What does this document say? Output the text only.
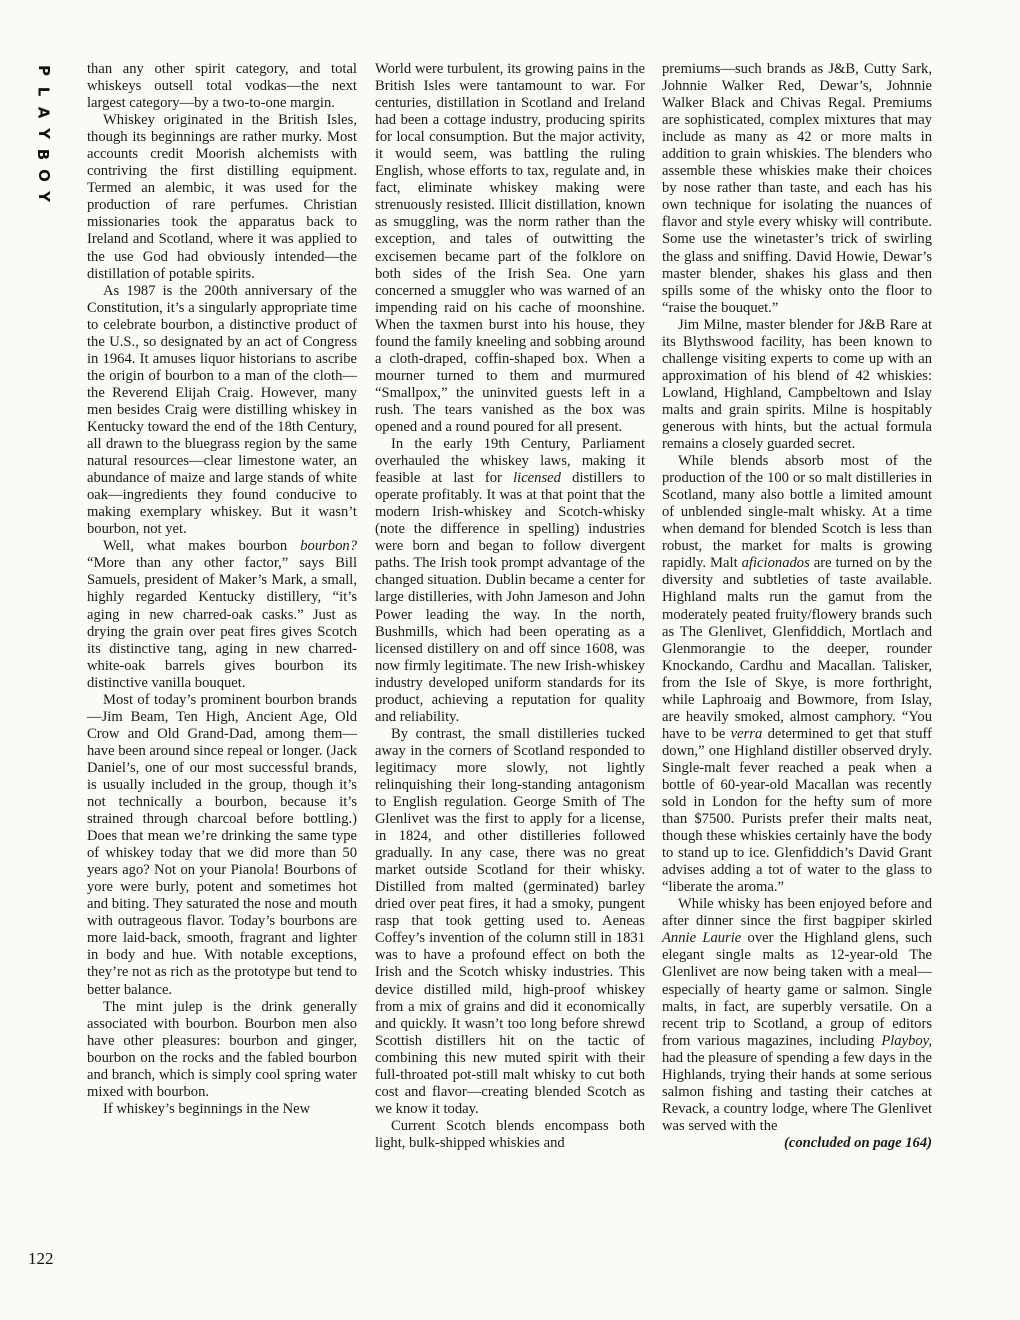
P
L
A
Y
B
O
Y

than any other spirit category, and total whiskeys outsell total vodkas—the next largest category—by a two-to-one margin.

Whiskey originated in the British Isles, though its beginnings are rather murky. Most accounts credit Moorish alchemists with contriving the first distilling equipment. Termed an alembic, it was used for the production of rare perfumes. Christian missionaries took the apparatus back to Ireland and Scotland, where it was applied to the use God had obviously intended—the distillation of potable spirits.

As 1987 is the 200th anniversary of the Constitution, it’s a singularly appropriate time to celebrate bourbon, a distinctive product of the U.S., so designated by an act of Congress in 1964. It amuses liquor historians to ascribe the origin of bourbon to a man of the cloth—the Reverend Elijah Craig. However, many men besides Craig were distilling whiskey in Kentucky toward the end of the 18th Century, all drawn to the bluegrass region by the same natural resources—clear limestone water, an abundance of maize and large stands of white oak—ingredients they found conducive to making exemplary whiskey. But it wasn’t bourbon, not yet.

Well, what makes bourbon bourbon? “More than any other factor,” says Bill Samuels, president of Maker’s Mark, a small, highly regarded Kentucky distillery, “it’s aging in new charred-oak casks.” Just as drying the grain over peat fires gives Scotch its distinctive tang, aging in new charred-white-oak barrels gives bourbon its distinctive vanilla bouquet.

Most of today’s prominent bourbon brands—Jim Beam, Ten High, Ancient Age, Old Crow and Old Grand-Dad, among them—have been around since repeal or longer. (Jack Daniel’s, one of our most successful brands, is usually included in the group, though it’s not technically a bourbon, because it’s strained through charcoal before bottling.) Does that mean we’re drinking the same type of whiskey today that we did more than 50 years ago? Not on your Pianola! Bourbons of yore were burly, potent and sometimes hot and biting. They saturated the nose and mouth with outrageous flavor. Today’s bourbons are more laid-back, smooth, fragrant and lighter in body and hue. With notable exceptions, they’re not as rich as the prototype but tend to better balance.

The mint julep is the drink generally associated with bourbon. Bourbon men also have other pleasures: bourbon and ginger, bourbon on the rocks and the fabled bourbon and branch, which is simply cool spring water mixed with bourbon.

If whiskey’s beginnings in the New

World were turbulent, its growing pains in the British Isles were tantamount to war. For centuries, distillation in Scotland and Ireland had been a cottage industry, producing spirits for local consumption. But the major activity, it would seem, was battling the ruling English, whose efforts to tax, regulate and, in fact, eliminate whiskey making were strenuously resisted. Illicit distillation, known as smuggling, was the norm rather than the exception, and tales of outwitting the excisemen became part of the folklore on both sides of the Irish Sea. One yarn concerned a smuggler who was warned of an impending raid on his cache of moonshine. When the taxmen burst into his house, they found the family kneeling and sobbing around a cloth-draped, coffin-shaped box. When a mourner turned to them and murmured “Smallpox,” the uninvited guests left in a rush. The tears vanished as the box was opened and a round poured for all present.

In the early 19th Century, Parliament overhauled the whiskey laws, making it feasible at last for licensed distillers to operate profitably. It was at that point that the modern Irish-whiskey and Scotch-whisky (note the difference in spelling) industries were born and began to follow divergent paths. The Irish took prompt advantage of the changed situation. Dublin became a center for large distilleries, with John Jameson and John Power leading the way. In the north, Bushmills, which had been operating as a licensed distillery on and off since 1608, was now firmly legitimate. The new Irish-whiskey industry developed uniform standards for its product, achieving a reputation for quality and reliability.

By contrast, the small distilleries tucked away in the corners of Scotland responded to legitimacy more slowly, not lightly relinquishing their long-standing antagonism to English regulation. George Smith of The Glenlivet was the first to apply for a license, in 1824, and other distilleries followed gradually. In any case, there was no great market outside Scotland for their whisky. Distilled from malted (germinated) barley dried over peat fires, it had a smoky, pungent rasp that took getting used to. Aeneas Coffey’s invention of the column still in 1831 was to have a profound effect on both the Irish and the Scotch whisky industries. This device distilled mild, high-proof whiskey from a mix of grains and did it economically and quickly. It wasn’t too long before shrewd Scottish distillers hit on the tactic of combining this new muted spirit with their full-throated pot-still malt whisky to cut both cost and flavor—creating blended Scotch as we know it today.

Current Scotch blends encompass both light, bulk-shipped whiskies and

premiums—such brands as J&B, Cutty Sark, Johnnie Walker Red, Dewar’s, Johnnie Walker Black and Chivas Regal. Premiums are sophisticated, complex mixtures that may include as many as 42 or more malts in addition to grain whiskies. The blenders who assemble these whiskies make their choices by nose rather than taste, and each has his own technique for isolating the nuances of flavor and style every whisky will contribute. Some use the winetaster’s trick of swirling the glass and sniffing. David Howie, Dewar’s master blender, shakes his glass and then spills some of the whisky onto the floor to “raise the bouquet.”

Jim Milne, master blender for J&B Rare at its Blythswood facility, has been known to challenge visiting experts to come up with an approximation of his blend of 42 whiskies: Lowland, Highland, Campbeltown and Islay malts and grain spirits. Milne is hospitably generous with hints, but the actual formula remains a closely guarded secret.

While blends absorb most of the production of the 100 or so malt distilleries in Scotland, many also bottle a limited amount of unblended single-malt whisky. At a time when demand for blended Scotch is less than robust, the market for malts is growing rapidly. Malt aficionados are turned on by the diversity and subtleties of taste available. Highland malts run the gamut from the moderately peated fruity/flowery brands such as The Glenlivet, Glenfiddich, Mortlach and Glenmorangie to the deeper, rounder Knockando, Cardhu and Macallan. Talisker, from the Isle of Skye, is more forthright, while Laphroaig and Bowmore, from Islay, are heavily smoked, almost camphory. “You have to be verra determined to get that stuff down,” one Highland distiller observed dryly. Single-malt fever reached a peak when a bottle of 60-year-old Macallan was recently sold in London for the hefty sum of more than $7500. Purists prefer their malts neat, though these whiskies certainly have the body to stand up to ice. Glenfiddich’s David Grant advises adding a tot of water to the glass to “liberate the aroma.”

While whisky has been enjoyed before and after dinner since the first bagpiper skirled Annie Laurie over the Highland glens, such elegant single malts as 12-year-old The Glenlivet are now being taken with a meal—especially of hearty game or salmon. Single malts, in fact, are superbly versatile. On a recent trip to Scotland, a group of editors from various magazines, including Playboy, had the pleasure of spending a few days in the Highlands, trying their hands at some serious salmon fishing and tasting their catches at Revack, a country lodge, where The Glenlivet was served with the

(concluded on page 164)

122
